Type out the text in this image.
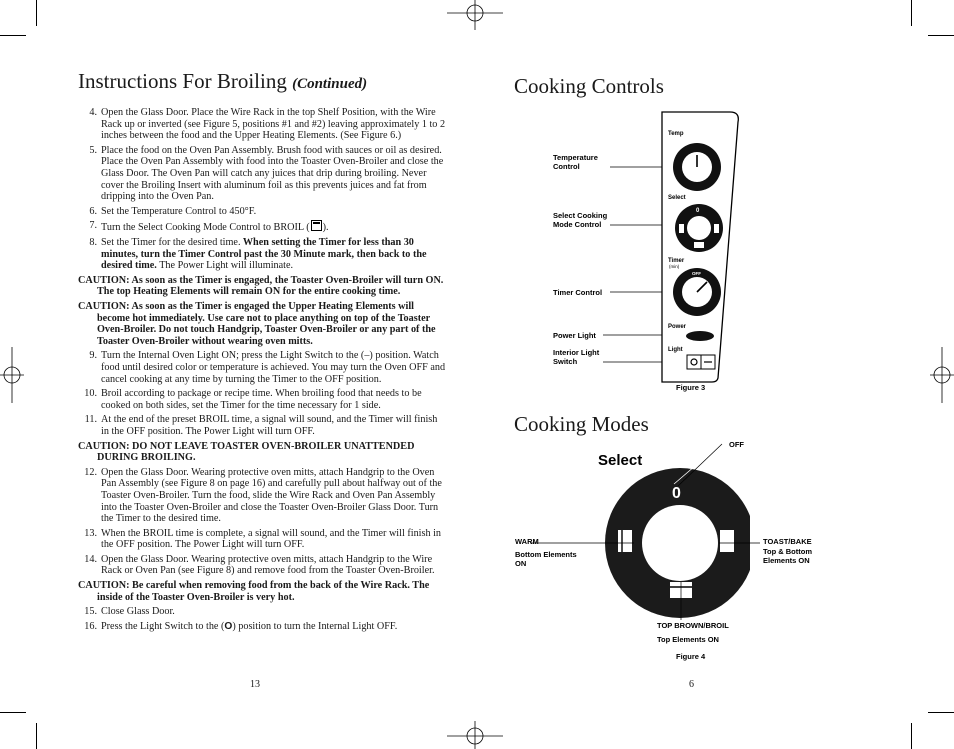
Instructions For Broiling (Continued)
4. Open the Glass Door. Place the Wire Rack in the top Shelf Position, with the Wire Rack up or inverted (see Figure 5, positions #1 and #2) leaving approximately 1 to 2 inches between the food and the Upper Heating Elements. (See Figure 6.)
5. Place the food on the Oven Pan Assembly. Brush food with sauces or oil as desired. Place the Oven Pan Assembly with food into the Toaster Oven-Broiler and close the Glass Door. The Oven Pan will catch any juices that drip during broiling. Never cover the Broiling Insert with aluminum foil as this prevents juices and fat from dripping into the Oven Pan.
6. Set the Temperature Control to 450°F.
7. Turn the Select Cooking Mode Control to BROIL ( ).
8. Set the Timer for the desired time. When setting the Timer for less than 30 minutes, turn the Timer Control past the 30 Minute mark, then back to the desired time. The Power Light will illuminate.
CAUTION: As soon as the Timer is engaged, the Toaster Oven-Broiler will turn ON. The top Heating Elements will remain ON for the entire cooking time.
CAUTION: As soon as the Timer is engaged the Upper Heating Elements will become hot immediately. Use care not to place anything on top of the Toaster Oven-Broiler. Do not touch Handgrip, Toaster Oven-Broiler or any part of the Toaster Oven-Broiler without wearing oven mitts.
9. Turn the Internal Oven Light ON; press the Light Switch to the (–) position. Watch food until desired color or temperature is achieved. You may turn the Oven OFF and cancel cooking at any time by turning the Timer to the OFF position.
10. Broil according to package or recipe time. When broiling food that needs to be cooked on both sides, set the Timer for the time necessary for 1 side.
11. At the end of the preset BROIL time, a signal will sound, and the Timer will finish in the OFF position. The Power Light will turn OFF.
CAUTION: DO NOT LEAVE TOASTER OVEN-BROILER UNATTENDED DURING BROILING.
12. Open the Glass Door. Wearing protective oven mitts, attach Handgrip to the Oven Pan Assembly (see Figure 8 on page 16) and carefully pull about halfway out of the Toaster Oven-Broiler. Turn the food, slide the Wire Rack and Oven Pan Assembly into the Toaster Oven-Broiler and close the Toaster Oven-Broiler Glass Door. Turn the Timer to the desired time.
13. When the BROIL time is complete, a signal will sound, and the Timer will finish in the OFF position. The Power Light will turn OFF.
14. Open the Glass Door. Wearing protective oven mitts, attach Handgrip to the Wire Rack or Oven Pan (see Figure 8) and remove food from the Toaster Oven-Broiler.
CAUTION: Be careful when removing food from the back of the Wire Rack. The inside of the Toaster Oven-Broiler is very hot.
15. Close Glass Door.
16. Press the Light Switch to the (O) position to turn the Internal Light OFF.
13
Cooking Controls
Cooking Modes
Temperature
Control
Select Cooking
Mode Control
Timer Control
Power Light
Interior Light
Switch
Temp
Select
0
Timer
(min)
OFF
Power
Light
Figure 3
Select
0
OFF
WARM
Bottom Elements
ON
TOAST/BAKE
Top & Bottom
Elements ON
TOP BROWN/BROIL
Top Elements ON
Figure 4
6
